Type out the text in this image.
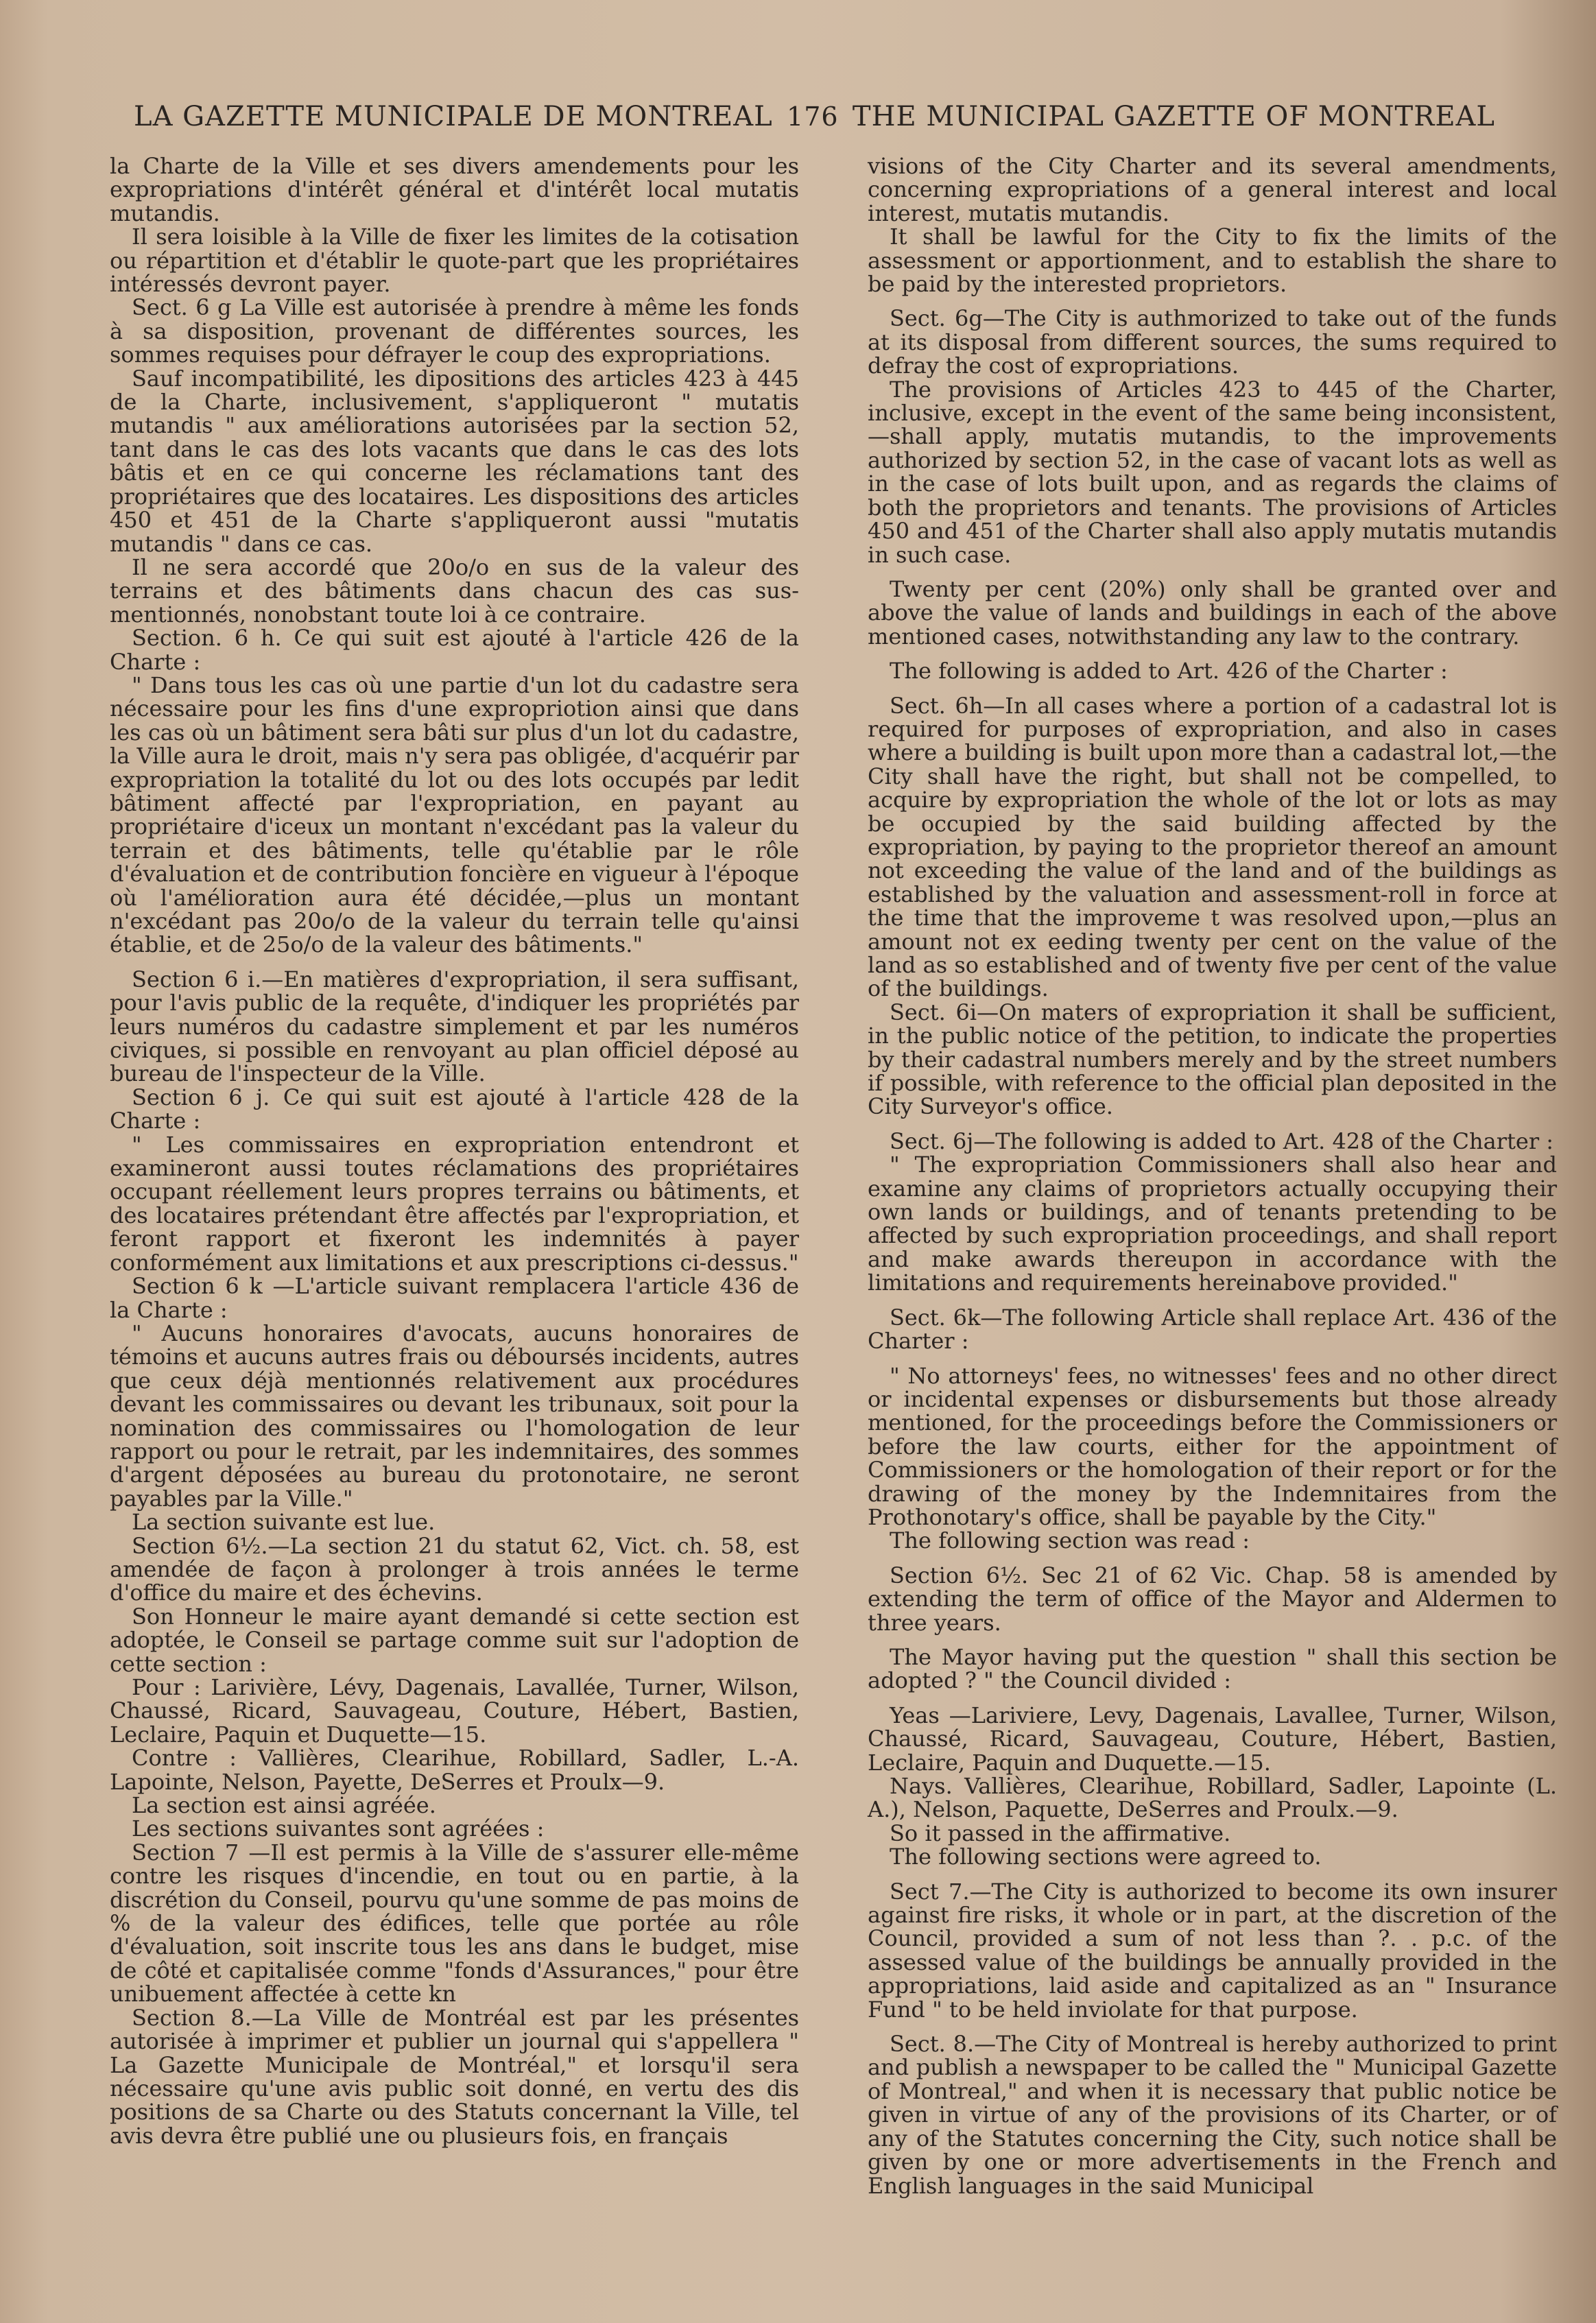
LA GAZETTE MUNICIPALE DE MONTREAL 176 THE MUNICIPAL GAZETTE OF MONTREAL

la Charte de la Ville et ses divers amendements pour les expropriations d'intérêt général et d'intérêt local mutatis mutandis.

Il sera loisible à la Ville de fixer les limites de la cotisation ou répartition et d'établir le quote-part que les propriétaires intéressés devront payer.

Sect. 6 g La Ville est autorisée à prendre à même les fonds à sa disposition, provenant de différentes sources, les sommes requises pour défrayer le coup des expropriations.

Sauf incompatibilité, les dipositions des articles 423 à 445 de la Charte, inclusivement, s'appliqueront " mutatis mutandis " aux améliorations autorisées par la section 52, tant dans le cas des lots vacants que dans le cas des lots bâtis et en ce qui concerne les réclamations tant des propriétaires que des locataires. Les dispositions des articles 450 et 451 de la Charte s'appliqueront aussi "mutatis mutandis " dans ce cas.

Il ne sera accordé que 20o/o en sus de la valeur des terrains et des bâtiments dans chacun des cas sus-mentionnés, nonobstant toute loi à ce contraire.

Section. 6 h. Ce qui suit est ajouté à l'article 426 de la Charte :

" Dans tous les cas où une partie d'un lot du cadastre sera nécessaire pour les fins d'une expropriotion ainsi que dans les cas où un bâtiment sera bâti sur plus d'un lot du cadastre, la Ville aura le droit, mais n'y sera pas obligée, d'acquérir par expropriation la totalité du lot ou des lots occupés par ledit bâtiment affecté par l'expropriation, en payant au propriétaire d'iceux un montant n'excédant pas la valeur du terrain et des bâtiments, telle qu'établie par le rôle d'évaluation et de contribution foncière en vigueur à l'époque où l'amélioration aura été décidée,—plus un montant n'excédant pas 20o/o de la valeur du terrain telle qu'ainsi établie, et de 25o/o de la valeur des bâtiments."

Section 6 i.—En matières d'expropriation, il sera suffisant, pour l'avis public de la requête, d'indiquer les propriétés par leurs numéros du cadastre simplement et par les numéros civiques, si possible en renvoyant au plan officiel déposé au bureau de l'inspecteur de la Ville.

Section 6 j. Ce qui suit est ajouté à l'article 428 de la Charte :

" Les commissaires en expropriation entendront et examineront aussi toutes réclamations des propriétaires occupant réellement leurs propres terrains ou bâtiments, et des locataires prétendant être affectés par l'expropriation, et feront rapport et fixeront les indemnités à payer conformément aux limitations et aux prescriptions ci-dessus."

Section 6 k —L'article suivant remplacera l'article 436 de la Charte :

" Aucuns honoraires d'avocats, aucuns honoraires de témoins et aucuns autres frais ou déboursés incidents, autres que ceux déjà mentionnés relativement aux procédures devant les commissaires ou devant les tribunaux, soit pour la nomination des commissaires ou l'homologation de leur rapport ou pour le retrait, par les indemnitaires, des sommes d'argent déposées au bureau du protonotaire, ne seront payables par la Ville."

La section suivante est lue.

Section 6½.—La section 21 du statut 62, Vict. ch. 58, est amendée de façon à prolonger à trois années le terme d'office du maire et des échevins.

Son Honneur le maire ayant demandé si cette section est adoptée, le Conseil se partage comme suit sur l'adoption de cette section :

Pour : Larivière, Lévy, Dagenais, Lavallée, Turner, Wilson, Chaussé, Ricard, Sauvageau, Couture, Hébert, Bastien, Leclaire, Paquin et Duquette—15.

Contre : Vallières, Clearihue, Robillard, Sadler, L.-A. Lapointe, Nelson, Payette, DeSerres et Proulx—9.

La section est ainsi agréée.

Les sections suivantes sont agréées :

Section 7 —Il est permis à la Ville de s'assurer elle-même contre les risques d'incendie, en tout ou en partie, à la discrétion du Conseil, pourvu qu'une somme de pas moins de % de la valeur des édifices, telle que portée au rôle d'évaluation, soit inscrite tous les ans dans le budget, mise de côté et capitalisée comme "fonds d'Assurances," pour être unibuement affectée à cette kn

Section 8.—La Ville de Montréal est par les présentes autorisée à imprimer et publier un journal qui s'appellera " La Gazette Municipale de Montréal," et lorsqu'il sera nécessaire qu'une avis public soit donné, en vertu des dis positions de sa Charte ou des Statuts concernant la Ville, tel avis devra être publié une ou plusieurs fois, en français

visions of the City Charter and its several amendments, concerning expropriations of a general interest and local interest, mutatis mutandis.

It shall be lawful for the City to fix the limits of the assessment or apportionment, and to establish the share to be paid by the interested proprietors.

Sect. 6g—The City is authmorized to take out of the funds at its disposal from different sources, the sums required to defray the cost of expropriations.

The provisions of Articles 423 to 445 of the Charter, inclusive, except in the event of the same being inconsistent,—shall apply, mutatis mutandis, to the improvements authorized by section 52, in the case of vacant lots as well as in the case of lots built upon, and as regards the claims of both the proprietors and tenants. The provisions of Articles 450 and 451 of the Charter shall also apply mutatis mutandis in such case.

Twenty per cent (20%) only shall be granted over and above the value of lands and buildings in each of the above mentioned cases, notwithstanding any law to the contrary.

The following is added to Art. 426 of the Charter :

Sect. 6h—In all cases where a portion of a cadastral lot is required for purposes of expropriation, and also in cases where a building is built upon more than a cadastral lot,—the City shall have the right, but shall not be compelled, to acquire by expropriation the whole of the lot or lots as may be occupied by the said building affected by the expropriation, by paying to the proprietor thereof an amount not exceeding the value of the land and of the buildings as established by the valuation and assessment-roll in force at the time that the improveme t was resolved upon,—plus an amount not ex eeding twenty per cent on the value of the land as so established and of twenty five per cent of the value of the buildings.

Sect. 6i—On maters of expropriation it shall be sufficient, in the public notice of the petition, to indicate the properties by their cadastral numbers merely and by the street numbers if possible, with reference to the official plan deposited in the City Surveyor's office.

Sect. 6j—The following is added to Art. 428 of the Charter :

" The expropriation Commissioners shall also hear and examine any claims of proprietors actually occupying their own lands or buildings, and of tenants pretending to be affected by such expropriation proceedings, and shall report and make awards thereupon in accordance with the limitations and requirements hereinabove provided."

Sect. 6k—The following Article shall replace Art. 436 of the Charter :

" No attorneys' fees, no witnesses' fees and no other direct or incidental expenses or disbursements but those already mentioned, for the proceedings before the Commissioners or before the law courts, either for the appointment of Commissioners or the homologation of their report or for the drawing of the money by the Indemnitaires from the Prothonotary's office, shall be payable by the City."

The following section was read :

Section 6½. Sec 21 of 62 Vic. Chap. 58 is amended by extending the term of office of the Mayor and Aldermen to three years.

The Mayor having put the question " shall this section be adopted ? " the Council divided :

Yeas —Lariviere, Levy, Dagenais, Lavallee, Turner, Wilson, Chaussé, Ricard, Sauvageau, Couture, Hébert, Bastien, Leclaire, Paquin and Duquette.—15.

Nays. Vallières, Clearihue, Robillard, Sadler, Lapointe (L. A.), Nelson, Paquette, DeSerres and Proulx.—9.

So it passed in the affirmative.

The following sections were agreed to.

Sect 7.—The City is authorized to become its own insurer against fire risks, it whole or in part, at the discretion of the Council, provided a sum of not less than ?. . p.c. of the assessed value of the buildings be annually provided in the appropriations, laid aside and capitalized as an " Insurance Fund " to be held inviolate for that purpose.

Sect. 8.—The City of Montreal is hereby authorized to print and publish a newspaper to be called the " Municipal Gazette of Montreal," and when it is necessary that public notice be given in virtue of any of the provisions of its Charter, or of any of the Statutes concerning the City, such notice shall be given by one or more advertisements in the French and English languages in the said Municipal
